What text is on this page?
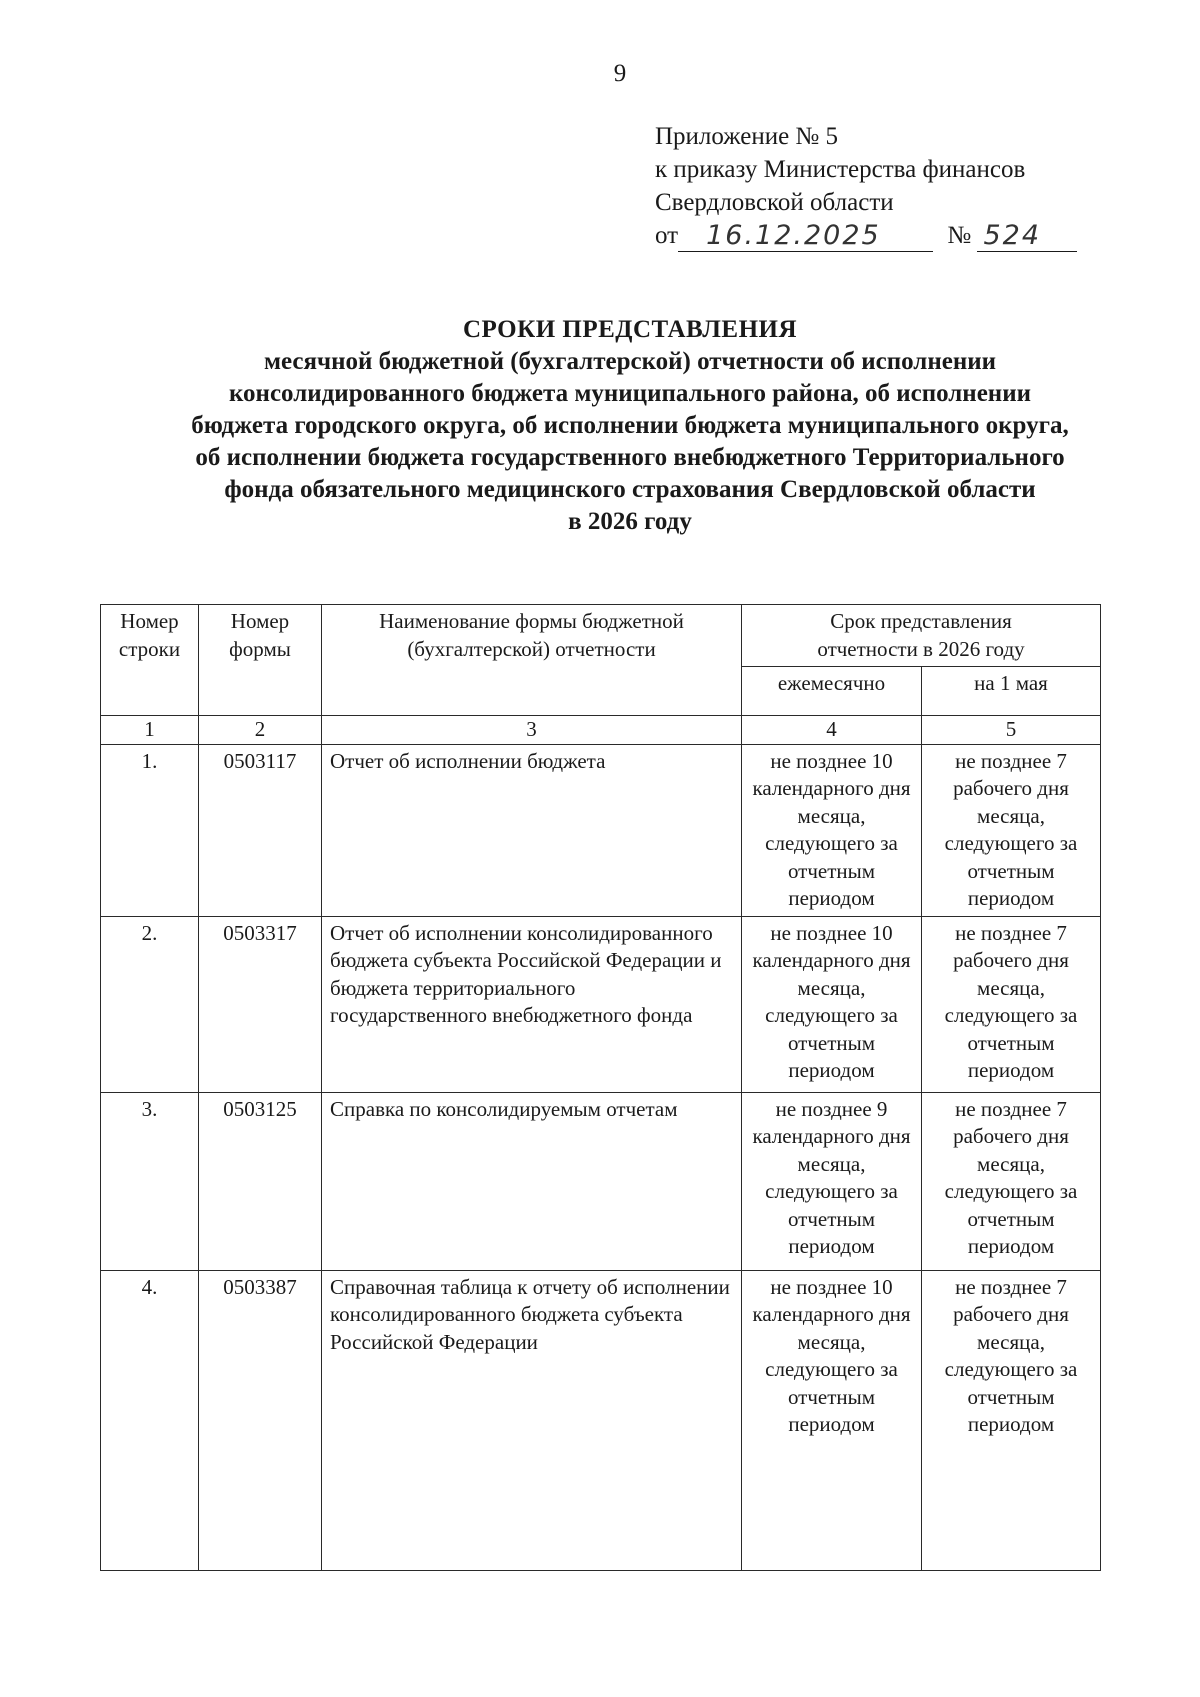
9
Приложение № 5
к приказу Министерства финансов
Свердловской области
от 16.12.2025	№ 524
СРОКИ ПРЕДСТАВЛЕНИЯ
месячной бюджетной (бухгалтерской) отчетности об исполнении
консолидированного бюджета муниципального района, об исполнении
бюджета городского округа, об исполнении бюджета муниципального округа,
об исполнении бюджета государственного внебюджетного Территориального
фонда обязательного медицинского страхования Свердловской области
в 2026 году
Номер строки	Номер формы	Наименование формы бюджетной (бухгалтерской) отчетности	Срок представления отчетности в 2026 году	
			ежемесячно	на 1 мая
1	2	3	4	5
1.	0503117	Отчет об исполнении бюджета	не позднее 10 календарного дня месяца, следующего за отчетным периодом	не позднее 7 рабочего дня месяца, следующего за отчетным периодом
2.	0503317	Отчет об исполнении консолидированного бюджета субъекта Российской Федерации и бюджета территориального государственного внебюджетного фонда	не позднее 10 календарного дня месяца, следующего за отчетным периодом	не позднее 7 рабочего дня месяца, следующего за отчетным периодом
3.	0503125	Справка по консолидируемым отчетам	не позднее 9 календарного дня месяца, следующего за отчетным периодом	не позднее 7 рабочего дня месяца, следующего за отчетным периодом
4.	0503387	Справочная таблица к отчету об исполнении консолидированного бюджета субъекта Российской Федерации	не позднее 10 календарного дня месяца, следующего за отчетным периодом	не позднее 7 рабочего дня месяца, следующего за отчетным периодом
